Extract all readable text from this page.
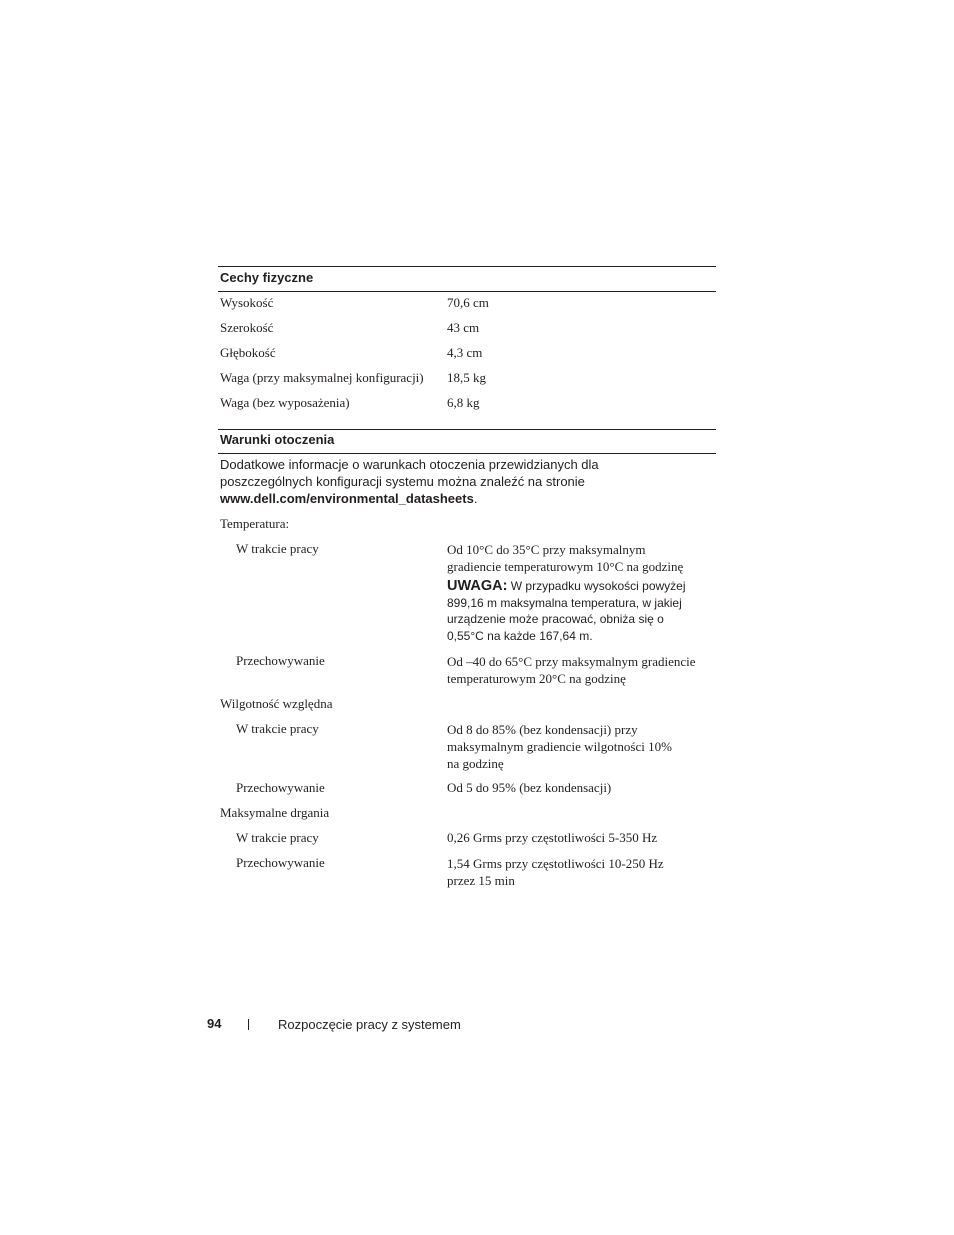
Cechy fizyczne
Wysokość	70,6 cm
Szerokość	43 cm
Głębokość	4,3 cm
Waga (przy maksymalnej konfiguracji) 18,5 kg
Waga (bez wyposażenia)	6,8 kg
Warunki otoczenia
Dodatkowe informacje o warunkach otoczenia przewidzianych dla
poszczególnych konfiguracji systemu można znaleźć na stronie
www.dell.com/environmental_datasheets.
Temperatura:
W trakcie pracy	Od 10°C do 35°C przy maksymalnym
gradiencie temperaturowym 10°C na godzinę
UWAGA: W przypadku wysokości powyżej
899,16 m maksymalna temperatura, w jakiej
urządzenie może pracować, obniża się o
0,55°C na każde 167,64 m.
Przechowywanie	Od –40 do 65°C przy maksymalnym gradiencie
temperaturowym 20°C na godzinę
Wilgotność względna
W trakcie pracy	Od 8 do 85% (bez kondensacji) przy
maksymalnym gradiencie wilgotności 10%
na godzinę
Przechowywanie	Od 5 do 95% (bez kondensacji)
Maksymalne drgania
W trakcie pracy	0,26 Grms przy częstotliwości 5-350 Hz
Przechowywanie	1,54 Grms przy częstotliwości 10-250 Hz
przez 15 min
94	Rozpoczęcie pracy z systemem
